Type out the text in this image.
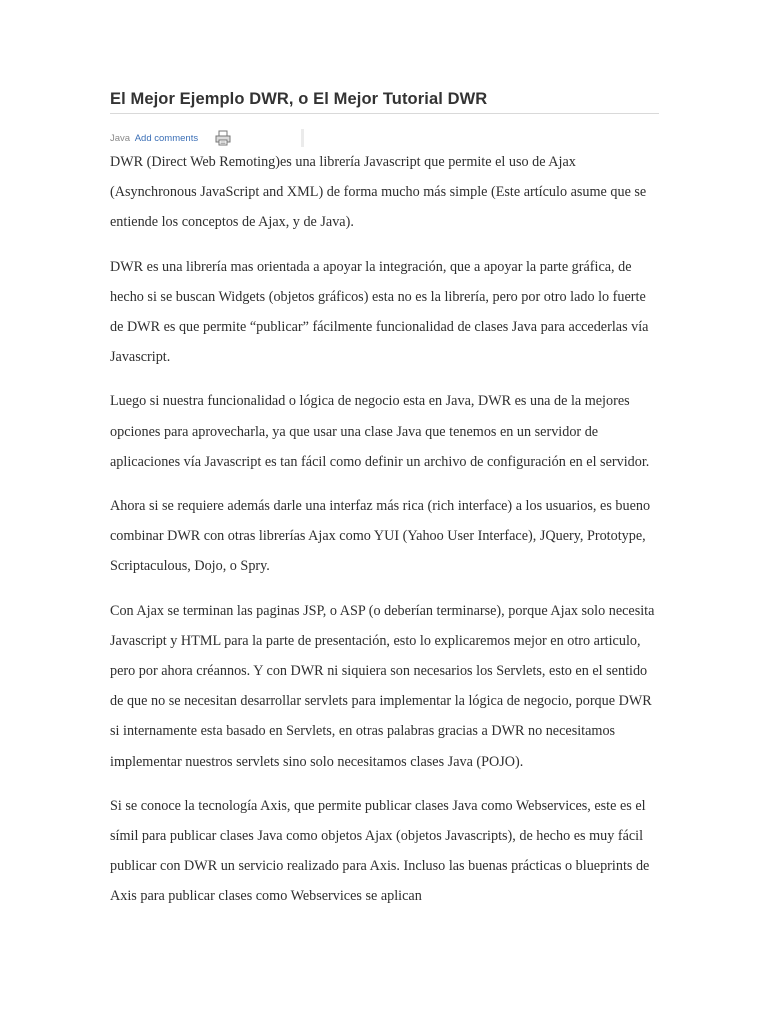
El Mejor Ejemplo DWR, o El Mejor Tutorial DWR
Java Add comments

DWR (Direct Web Remoting)es una librería Javascript que permite el uso de Ajax (Asynchronous JavaScript and XML) de forma mucho más simple (Este artículo asume que se entiende los conceptos de Ajax, y de Java).

DWR es una librería mas orientada a apoyar la integración, que a apoyar la parte gráfica, de hecho si se buscan Widgets (objetos gráficos) esta no es la librería, pero por otro lado lo fuerte de DWR es que permite “publicar” fácilmente funcionalidad de clases Java para accederlas vía Javascript.

Luego si nuestra funcionalidad o lógica de negocio esta en Java, DWR es una de la mejores opciones para aprovecharla, ya que usar una clase Java que tenemos en un servidor de aplicaciones vía Javascript es tan fácil como definir un archivo de configuración en el servidor.

Ahora si se requiere además darle una interfaz más rica (rich interface) a los usuarios, es bueno combinar DWR con otras librerías Ajax como YUI (Yahoo User Interface), JQuery, Prototype, Scriptaculous, Dojo, o Spry.

Con Ajax se terminan las paginas JSP, o ASP (o deberían terminarse), porque Ajax solo necesita Javascript y HTML para la parte de presentación, esto lo explicaremos mejor en otro articulo, pero por ahora créannos. Y con DWR ni siquiera son necesarios los Servlets, esto en el sentido de que no se necesitan desarrollar servlets para implementar la lógica de negocio, porque DWR si internamente esta basado en Servlets, en otras palabras gracias a DWR no necesitamos implementar nuestros servlets sino solo necesitamos clases Java (POJO).

Si se conoce la tecnología Axis, que permite publicar clases Java como Webservices, este es el símil para publicar clases Java como objetos Ajax (objetos Javascripts), de hecho es muy fácil publicar con DWR un servicio realizado para Axis. Incluso las buenas prácticas o blueprints de Axis para publicar clases como Webservices se aplican
